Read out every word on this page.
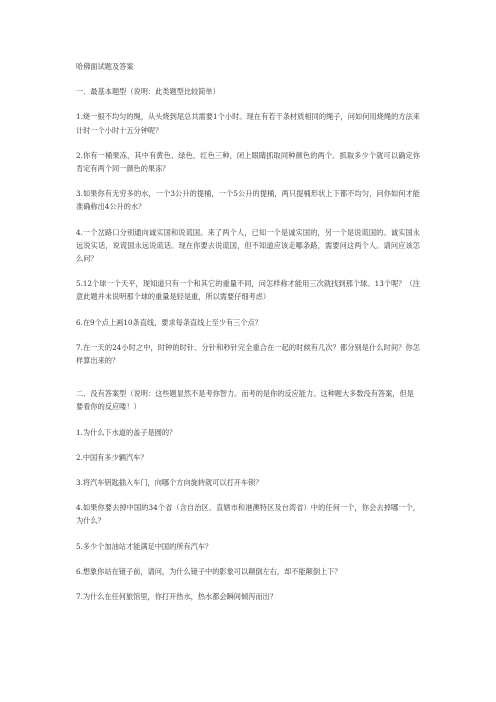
哈佛面试题及答案
一．最基本题型（说明：此类题型比较简单）
1.烧一根不均匀的绳，从头烧到尾总共需要1个小时。现在有若干条材质相同的绳子，问如何用烧绳的方法来计时一个小时十五分钟呢？
2.你有一桶果冻，其中有黄色、绿色、红色三种，闭上眼睛抓取同种颜色的两个。抓取多少个就可以确定你肯定有两个同一颜色的果冻？
3.如果你有无穷多的水，一个3公升的提桶，一个5公升的提桶，两只提桶形状上下都不均匀，问你如何才能准确称出4公升的水？
4.一个岔路口分别通向诚实国和说谎国。来了两个人，已知一个是诚实国的，另一个是说谎国的。诚实国永远说实话，说谎国永远说谎话。现在你要去说谎国，但不知道应该走哪条路，需要问这两个人。请问应该怎么问？
5.12个球一个天平，现知道只有一个和其它的重量不同，问怎样称才能用三次就找到那个球。13个呢？（注意此题并未说明那个球的重量是轻是重，所以需要仔细考虑）
6.在9个点上画10条直线，要求每条直线上至少有三个点？
7.在一天的24小时之中，时钟的时针、分针和秒针完全重合在一起的时候有几次？都分别是什么时间？你怎样算出来的？
二．没有答案型（说明：这些题显然不是考你智力。而考的是你的反应能力。这种题大多数没有答案，但是要看你的反应喽！）
1.为什么下水道的盖子是圆的？
2.中国有多少辆汽车？
3.将汽车钥匙插入车门，向哪个方向旋转就可以打开车锁？
4.如果你要去掉中国的34个省（含自治区、直辖市和港澳特区及台湾省）中的任何一个，你会去掉哪一个，为什么？
5.多少个加油站才能满足中国的所有汽车？
6.想象你站在镜子前，请问，为什么镜子中的影象可以颠倒左右，却不能颠倒上下？
7.为什么在任何旅馆里，你打开热水，热水都会瞬间倾泻而出？
